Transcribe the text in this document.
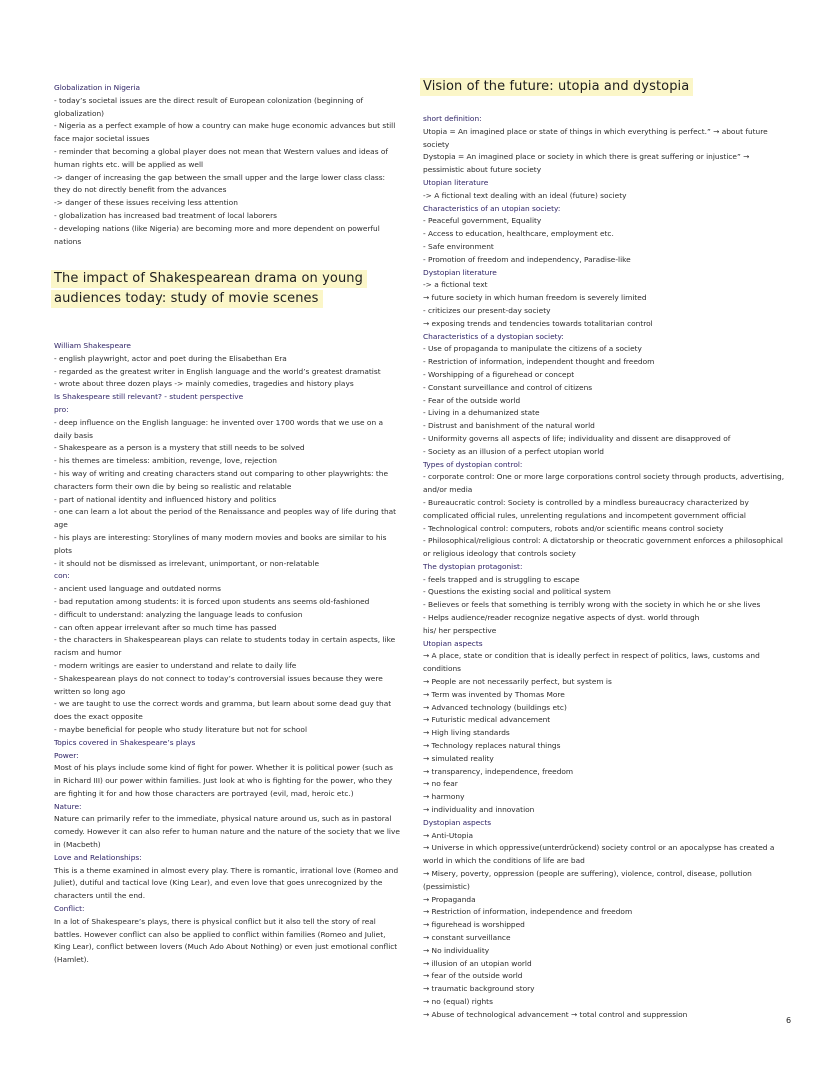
Globalization in Nigeria
- today’s societal issues are the direct result of European colonization (beginning of globalization)
- Nigeria as a perfect example of how a country can make huge economic advances but still face major societal issues
- reminder that becoming a global player does not mean that Western values and ideas of human rights etc. will be applied as well
-> danger of increasing the gap between the small upper and the large lower class class: they do not directly benefit from the advances
-> danger of these issues receiving less attention
- globalization has increased bad treatment of local laborers
- developing nations (like Nigeria) are becoming more and more dependent on powerful nations
The impact of Shakespearean drama on young audiences today: study of movie scenes
William Shakespeare
- english playwright, actor and poet during the Elisabethan Era
- regarded as the greatest writer in English language and the world’s greatest dramatist
- wrote about three dozen plays -> mainly comedies, tragedies and history plays
Is Shakespeare still relevant? - student perspective
pro:
- deep influence on the English language: he invented over 1700 words that we use on a daily basis
- Shakespeare as a person is a mystery that still needs to be solved
- his themes are timeless: ambition, revenge, love, rejection
- his way of writing and creating characters stand out comparing to other playwrights: the characters form their own die by being so realistic and relatable
- part of national identity and influenced history and politics
- one can learn a lot about the period of the Renaissance and peoples way of life during that age
- his plays are interesting: Storylines of many modern movies and books are similar to his plots
- it should not be dismissed as irrelevant, unimportant, or non-relatable
con:
- ancient used language and outdated norms
- bad reputation among students: it is forced upon students ans seems old-fashioned
- difficult to understand: analyzing the language leads to confusion
- can often appear irrelevant after so much time has passed
- the characters in Shakespearean plays can relate to students today in certain aspects, like racism and humor
- modern writings are easier to understand and relate to daily life
- Shakespearean plays do not connect to today’s controversial issues because they were written so long ago
- we are taught to use the correct words and gramma, but learn about some dead guy that does the exact opposite
- maybe beneficial for people who study literature but not for school
Topics covered in Shakespeare’s plays
Power:
Most of his plays include some kind of fight for power. Whether it is political power (such as in Richard III) our power within families. Just look at who is fighting for the power, who they are fighting it for and how those characters are portrayed (evil, mad, heroic etc.)
Nature:
Nature can primarily refer to the immediate, physical nature around us, such as in pastoral comedy. However it can also refer to human nature and the nature of the society that we live in (Macbeth)
Love and Relationships:
This is a theme examined in almost every play. There is romantic, irrational love (Romeo and Juliet), dutiful and tactical love (King Lear), and even love that goes unrecognized by the characters until the end.
Conflict:
In a lot of Shakespeare’s plays, there is physical conflict but it also tell the story of real battles. However conflict can also be applied to conflict within families (Romeo and Juliet, King Lear), conflict between lovers (Much Ado About Nothing) or even just emotional conflict (Hamlet).
Vision of the future: utopia and dystopia
short definition:
Utopia = An imagined place or state of things in which everything is perfect.” → about future society
Dystopia = An imagined place or society in which there is great suffering or injustice” → pessimistic about future society
Utopian literature
-> A fictional text dealing with an ideal (future) society
Characteristics of an utopian society:
- Peaceful government, Equality
- Access to education, healthcare, employment etc.
- Safe environment
- Promotion of freedom and independency, Paradise-like
Dystopian literature
-> a fictional text
→ future society in which human freedom is severely limited
- criticizes our present-day society
→ exposing trends and tendencies towards totalitarian control
Characteristics of a dystopian society:
- Use of propaganda to manipulate the citizens of a society
- Restriction of information, independent thought and freedom
- Worshipping of a figurehead or concept
- Constant surveillance and control of citizens
- Fear of the outside world
- Living in a dehumanized state
- Distrust and banishment of the natural world
- Uniformity governs all aspects of life; individuality and dissent are disapproved of
- Society as an illusion of a perfect utopian world
Types of dystopian control:
- corporate control: One or more large corporations control society through products, advertising, and/or media
- Bureaucratic control: Society is controlled by a mindless bureaucracy characterized by complicated official rules, unrelenting regulations and incompetent government official
- Technological control: computers, robots and/or scientific means control society
- Philosophical/religious control: A dictatorship or theocratic government enforces a philosophical or religious ideology that controls society
The dystopian protagonist:
- feels trapped and is struggling to escape
- Questions the existing social and political system
- Believes or feels that something is terribly wrong with the society in which he or she lives
- Helps audience/reader recognize negative aspects of dyst. world through
his/ her perspective
Utopian aspects
→ A place, state or condition that is ideally perfect in respect of politics, laws, customs and conditions
→ People are not necessarily perfect, but system is
→ Term was invented by Thomas More
→ Advanced technology (buildings etc)
→ Futuristic medical advancement
→ High living standards
→ Technology replaces natural things
→ simulated reality
→ transparency, independence, freedom
→ no fear
→ harmony
→ individuality and innovation
Dystopian aspects
→ Anti-Utopia
→ Universe in which oppressive(unterdrückend) society control or an apocalypse has created a world in which the conditions of life are bad
→ Misery, poverty, oppression (people are suffering), violence, control, disease, pollution (pessimistic)
→ Propaganda
→ Restriction of information, independence and freedom
→ figurehead is worshipped
→ constant surveillance
→ No individuality
→ illusion of an utopian world
→ fear of the outside world
→ traumatic background story
→ no (equal) rights
→ Abuse of technological advancement → total control and suppression
6
